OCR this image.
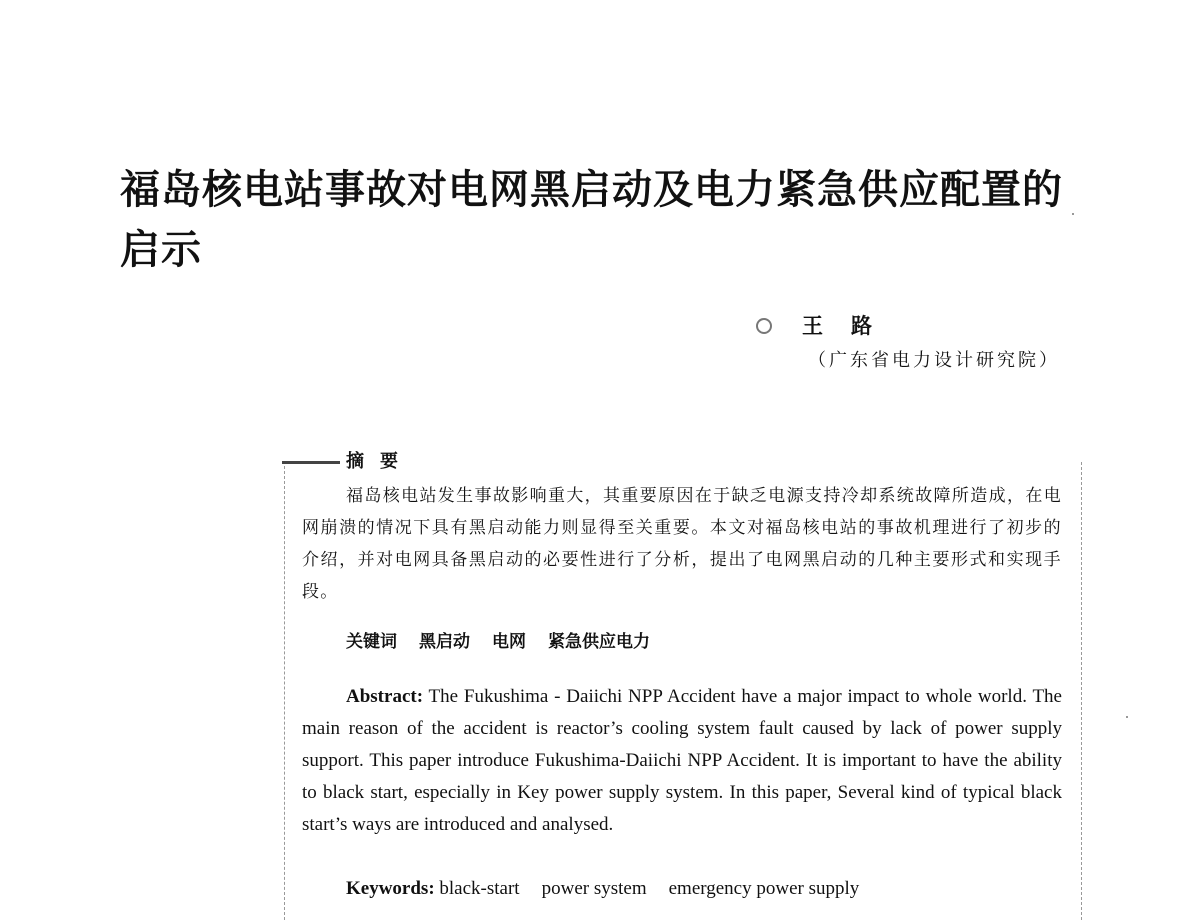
福岛核电站事故对电网黑启动及电力紧急供应配置的启示
王路
（广东省电力设计研究院）
摘要

福岛核电站发生事故影响重大，其重要原因在于缺乏电源支持冷却系统故障所造成，在电网崩溃的情况下具有黑启动能力则显得至关重要。本文对福岛核电站的事故机理进行了初步的介绍，并对电网具备黑启动的必要性进行了分析，提出了电网黑启动的几种主要形式和实现手段。

关键词 黑启动 电网 紧急供应电力

Abstract: The Fukushima - Daiichi NPP Accident have a major impact to whole world. The main reason of the accident is reactor’s cooling system fault caused by lack of power supply support. This paper introduce Fukushima-Daiichi NPP Accident. It is important to have the ability to black start, especially in Key power supply system. In this paper, Several kind of typical black start’s ways are introduced and analysed.

Keywords: black-start power system emergency power supply
